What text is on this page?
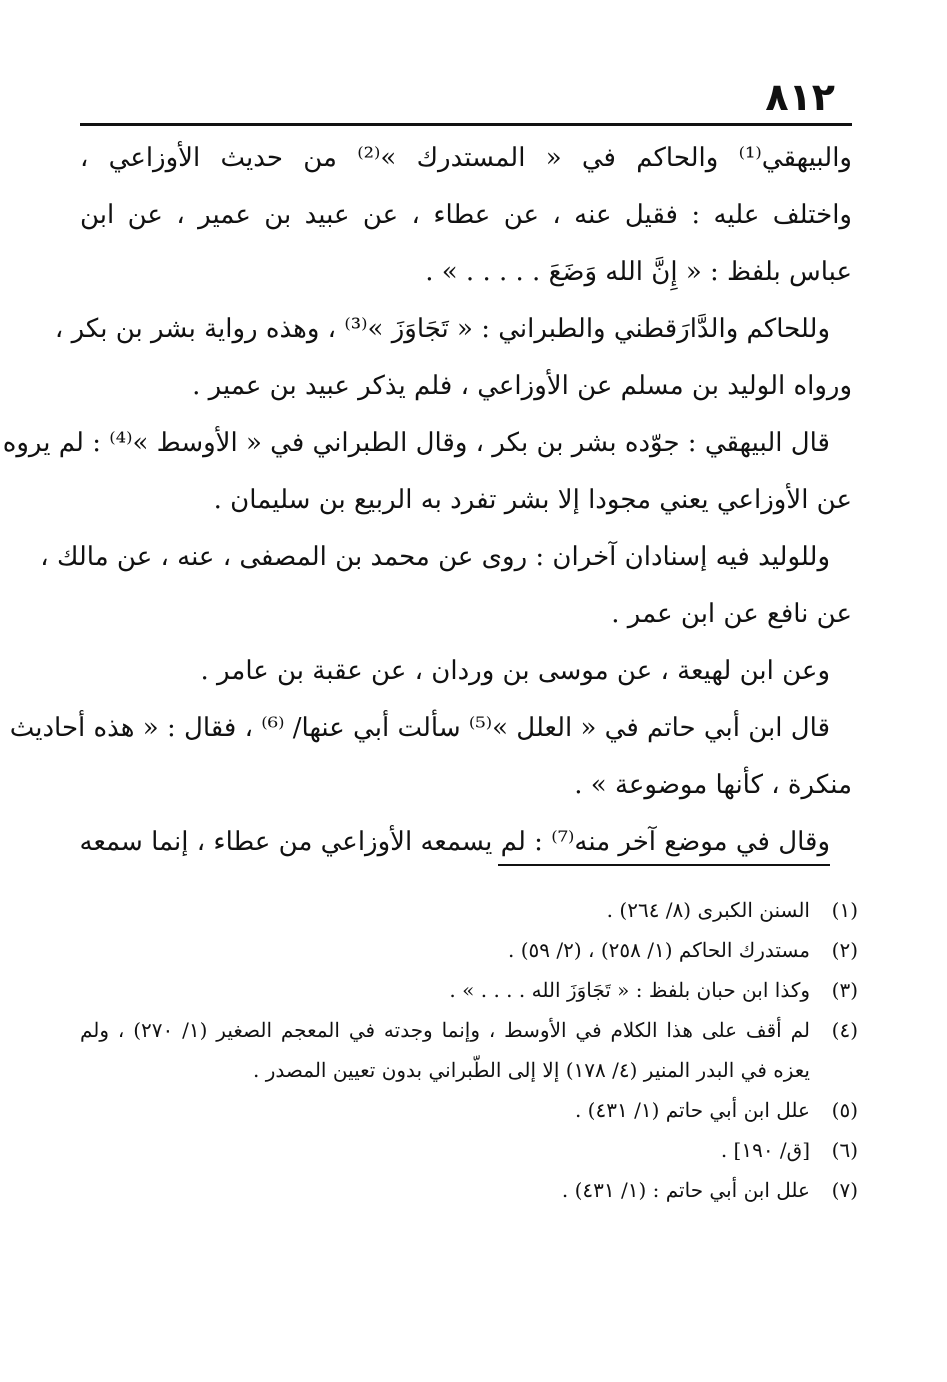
٨١٢
والبيهقي⁽¹⁾ والحاكم في « المستدرك »⁽²⁾ من حديث الأوزاعي ،
واختلف عليه : فقيل عنه ، عن عطاء ، عن عبيد بن عمير ، عن ابن
عباس بلفظ : « إِنَّ الله وَضَعَ . . . . . » .
وللحاكم والدَّارَقطني والطبراني : « تَجَاوَزَ »⁽³⁾ ، وهذه رواية بشر بن بكر ،
ورواه الوليد بن مسلم عن الأوزاعي ، فلم يذكر عبيد بن عمير .
قال البيهقي : جوّده بشر بن بكر ، وقال الطبراني في « الأوسط »⁽⁴⁾ : لم يروه
عن الأوزاعي يعني مجودا إلا بشر تفرد به الربيع بن سليمان .
وللوليد فيه إسنادان آخران : روى عن محمد بن المصفى ، عنه ، عن مالك ،
عن نافع عن ابن عمر .
وعن ابن لهيعة ، عن موسى بن وردان ، عن عقبة بن عامر .
قال ابن أبي حاتم في « العلل »⁽⁵⁾ سألت أبي عنها/ ⁽⁶⁾ ، فقال : « هذه أحاديث
منكرة ، كأنها موضوعة » .
وقال في موضع آخر منه⁽⁷⁾ : لم يسمعه الأوزاعي من عطاء ، إنما سمعه
(١)
السنن الكبرى (٨/ ٢٦٤) .
(٢)
مستدرك الحاكم (١/ ٢٥٨) ، (٢/ ٥٩) .
(٣)
وكذا ابن حبان بلفظ : « تَجَاوَزَ الله . . . . » .
(٤)
لم أقف على هذا الكلام في الأوسط ، وإنما وجدته في المعجم الصغير (١/ ٢٧٠) ، ولم
يعزه في البدر المنير (٤/ ١٧٨) إلا إلى الطّبراني بدون تعيين المصدر .
(٥)
علل ابن أبي حاتم (١/ ٤٣١) .
(٦)
[ق/ ١٩٠] .
(٧)
علل ابن أبي حاتم : (١/ ٤٣١) .
